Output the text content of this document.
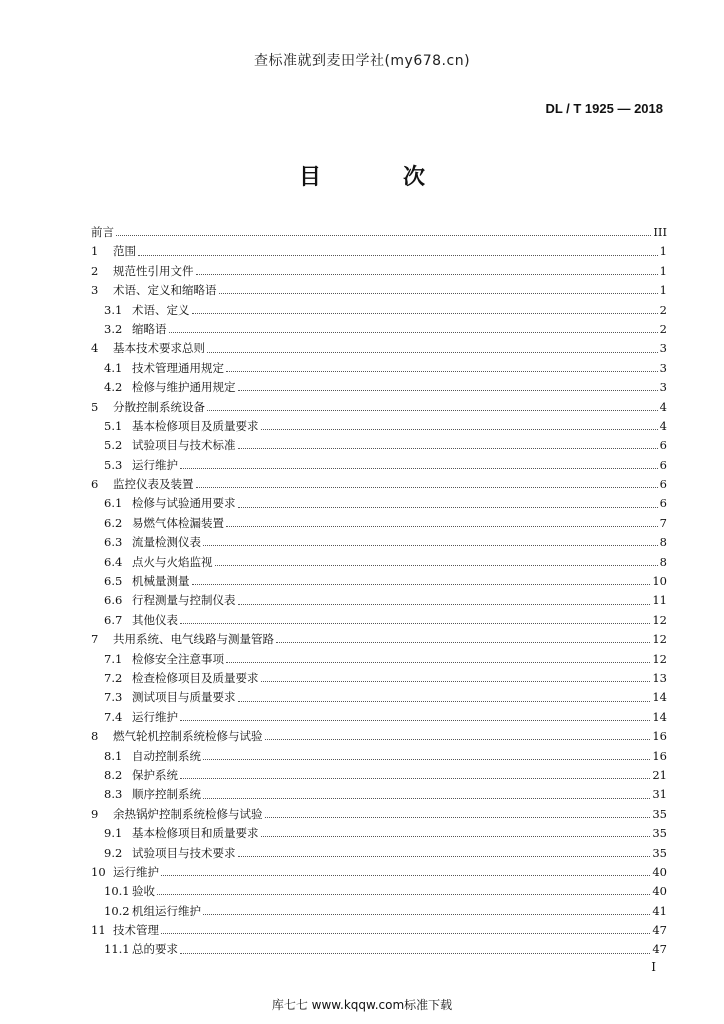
查标准就到麦田学社(my678.cn)
DL / T 1925 — 2018
目　次
前言	III
1	范围	1
2	规范性引用文件	1
3	术语、定义和缩略语	1
3.1 术语、定义	2
3.2 缩略语	2
4	基本技术要求总则	3
4.1 技术管理通用规定	3
4.2 检修与维护通用规定	3
5	分散控制系统设备	4
5.1 基本检修项目及质量要求	4
5.2 试验项目与技术标准	6
5.3 运行维护	6
6	监控仪表及装置	6
6.1 检修与试验通用要求	6
6.2 易燃气体检漏装置	7
6.3 流量检测仪表	8
6.4 点火与火焰监视	8
6.5 机械量测量	10
6.6 行程测量与控制仪表	11
6.7 其他仪表	12
7	共用系统、电气线路与测量管路	12
7.1 检修安全注意事项	12
7.2 检查检修项目及质量要求	13
7.3 测试项目与质量要求	14
7.4 运行维护	14
8	燃气轮机控制系统检修与试验	16
8.1 自动控制系统	16
8.2 保护系统	21
8.3 顺序控制系统	31
9	余热锅炉控制系统检修与试验	35
9.1 基本检修项目和质量要求	35
9.2 试验项目与技术要求	35
10 运行维护	40
10.1 验收	40
10.2 机组运行维护	41
11 技术管理	47
11.1 总的要求	47
I
库七七 www.kqqw.com标准下载
